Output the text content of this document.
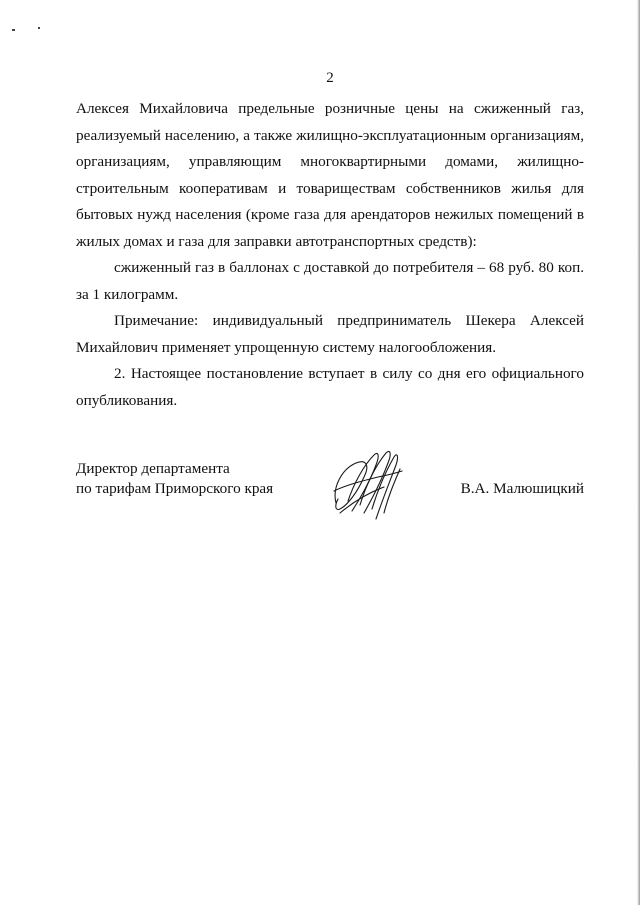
2

Алексея Михайловича предельные розничные цены на сжиженный газ,

реализуемый населению, а также жилищно-эксплуатационным организациям,

организациям, управляющим многоквартирными домами, жилищно-

строительным кооперативам и товариществам собственников жилья для

бытовых нужд населения (кроме газа для арендаторов нежилых помещений в

жилых домах и газа для заправки автотранспортных средств):

сжиженный газ в баллонах с доставкой до потребителя – 68 руб. 80 коп.

за 1 килограмм.

Примечание: индивидуальный предприниматель Шекера Алексей

Михайлович применяет упрощенную систему налогообложения.

2. Настоящее постановление вступает в силу со дня его официального

опубликования.

Директор департамента
по тарифам Приморского края	В.А. Малюшицкий
